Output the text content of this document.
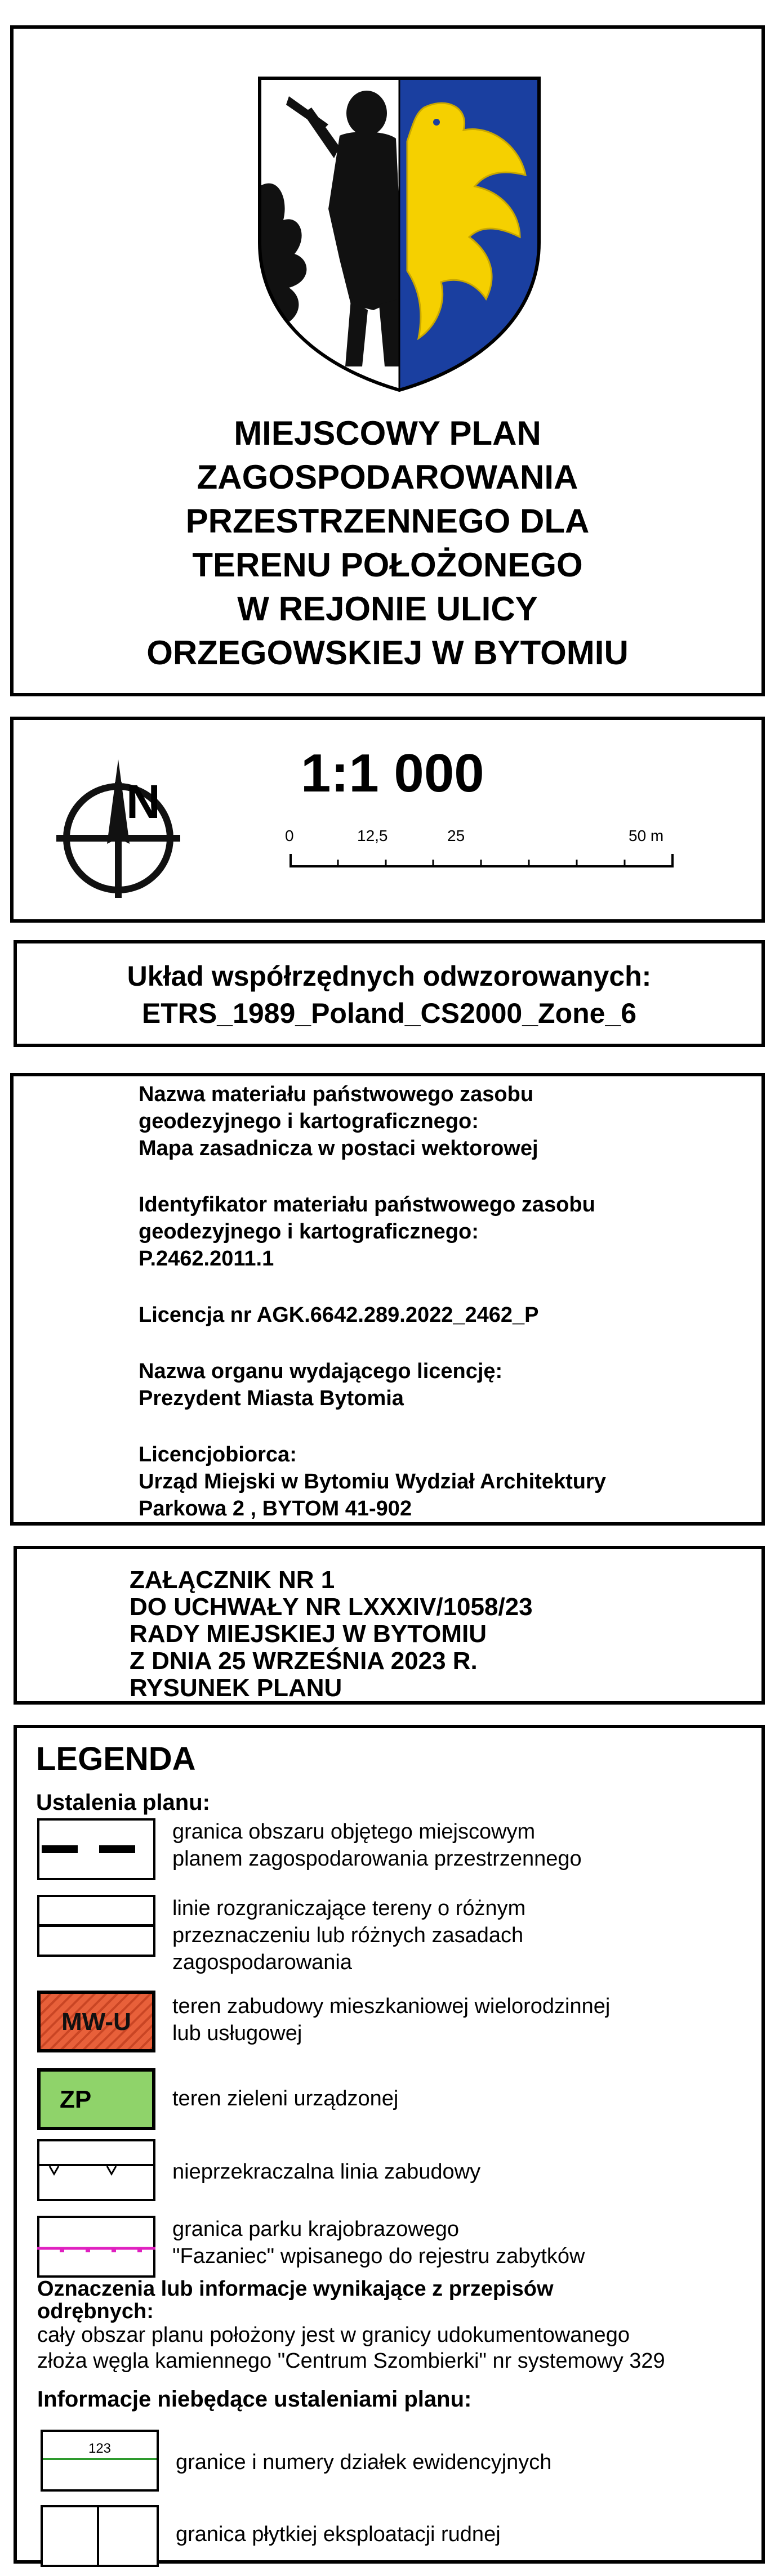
MIEJSCOWY PLAN
ZAGOSPODAROWANIA
PRZESTRZENNEGO DLA
TERENU POŁOŻONEGO
W REJONIE ULICY
ORZEGOWSKIEJ W BYTOMIU
N	1:1 000
0	12,5	25	50 m
Układ współrzędnych odwzorowanych:
ETRS_1989_Poland_CS2000_Zone_6
Nazwa materiału państwowego zasobu
geodezyjnego i kartograficznego:
Mapa zasadnicza w postaci wektorowej
Identyfikator materiału państwowego zasobu
geodezyjnego i kartograficznego:
P.2462.2011.1
Licencja nr AGK.6642.289.2022_2462_P
Nazwa organu wydającego licencję:
Prezydent Miasta Bytomia
Licencjobiorca:
Urząd Miejski w Bytomiu Wydział Architektury
Parkowa 2 , BYTOM 41-902
ZAŁĄCZNIK NR 1
DO UCHWAŁY NR LXXXIV/1058/23
RADY MIEJSKIEJ W BYTOMIU
Z DNIA 25 WRZEŚNIA 2023 R.
RYSUNEK PLANU
LEGENDA
Ustalenia planu:
granica obszaru objętego miejscowym
planem zagospodarowania przestrzennego
linie rozgraniczające tereny o różnym
przeznaczeniu lub różnych zasadach
zagospodarowania
MW-U
teren zabudowy mieszkaniowej wielorodzinnej
lub usługowej
ZP	teren zieleni urządzonej
nieprzekraczalna linia zabudowy
granica parku krajobrazowego
"Fazaniec" wpisanego do rejestru zabytków
Oznaczenia lub informacje wynikające z przepisów
odrębnych:
cały obszar planu położony jest w granicy udokumentowanego
złoża węgla kamiennego "Centrum Szombierki" nr systemowy 329
Informacje niebędące ustaleniami planu:
123
granice i numery działek ewidencyjnych
granica płytkiej eksploatacji rudnej
